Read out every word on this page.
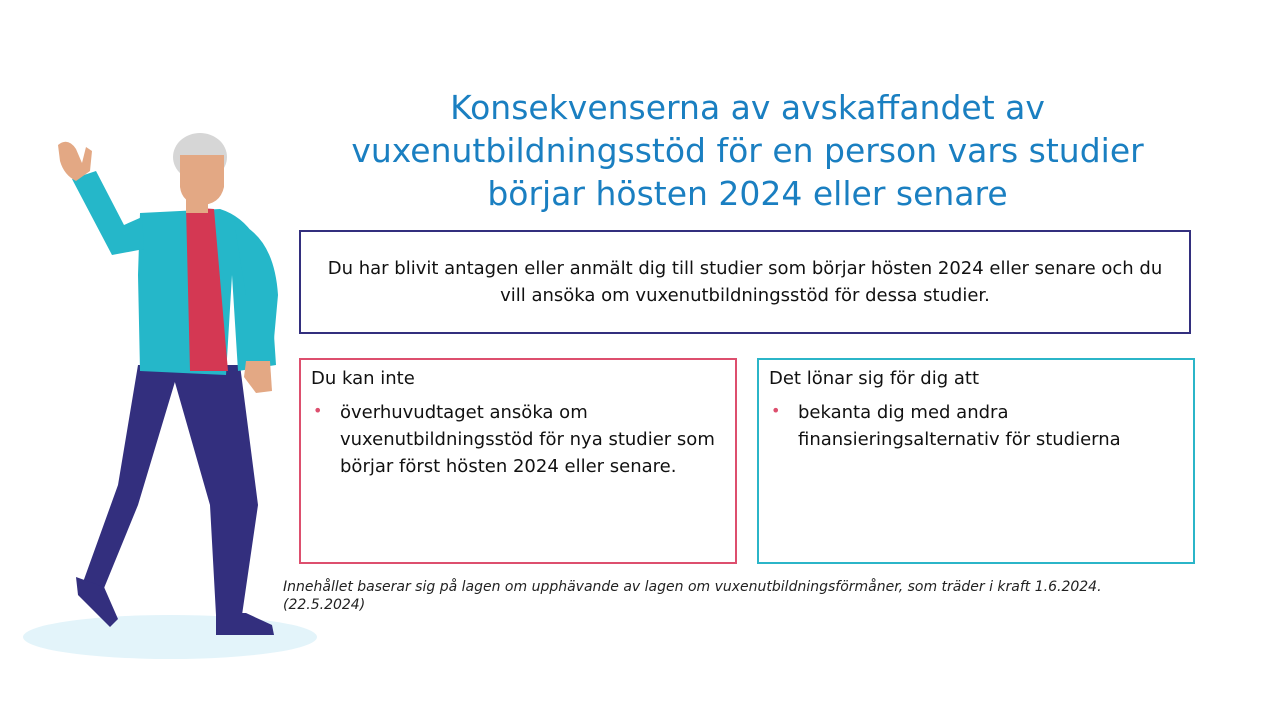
Konsekvenserna av avskaffandet av vuxenutbildningsstöd för en person vars studier börjar hösten 2024 eller senare
Du har blivit antagen eller anmält dig till studier som börjar hösten 2024 eller senare och du vill ansöka om vuxenutbildningsstöd för dessa studier.
Du kan inte
• överhuvudtaget ansöka om vuxenutbildningsstöd för nya studier som börjar först hösten 2024 eller senare.
Det lönar sig för dig att
• bekanta dig med andra finansieringsalternativ för studierna
Innehållet baserar sig på lagen om upphävande av lagen om vuxenutbildningsförmåner, som träder i kraft 1.6.2024.
(22.5.2024)
